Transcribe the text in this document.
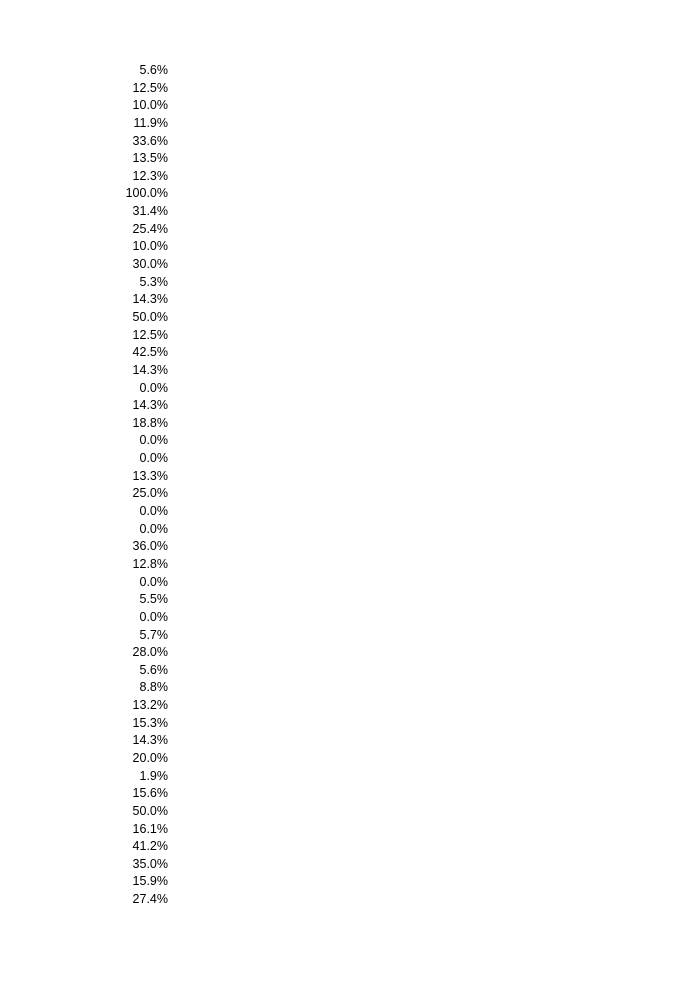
5.6%
12.5%
10.0%
11.9%
33.6%
13.5%
12.3%
100.0%
31.4%
25.4%
10.0%
30.0%
5.3%
14.3%
50.0%
12.5%
42.5%
14.3%
0.0%
14.3%
18.8%
0.0%
0.0%
13.3%
25.0%
0.0%
0.0%
36.0%
12.8%
0.0%
5.5%
0.0%
5.7%
28.0%
5.6%
8.8%
13.2%
15.3%
14.3%
20.0%
1.9%
15.6%
50.0%
16.1%
41.2%
35.0%
15.9%
27.4%
